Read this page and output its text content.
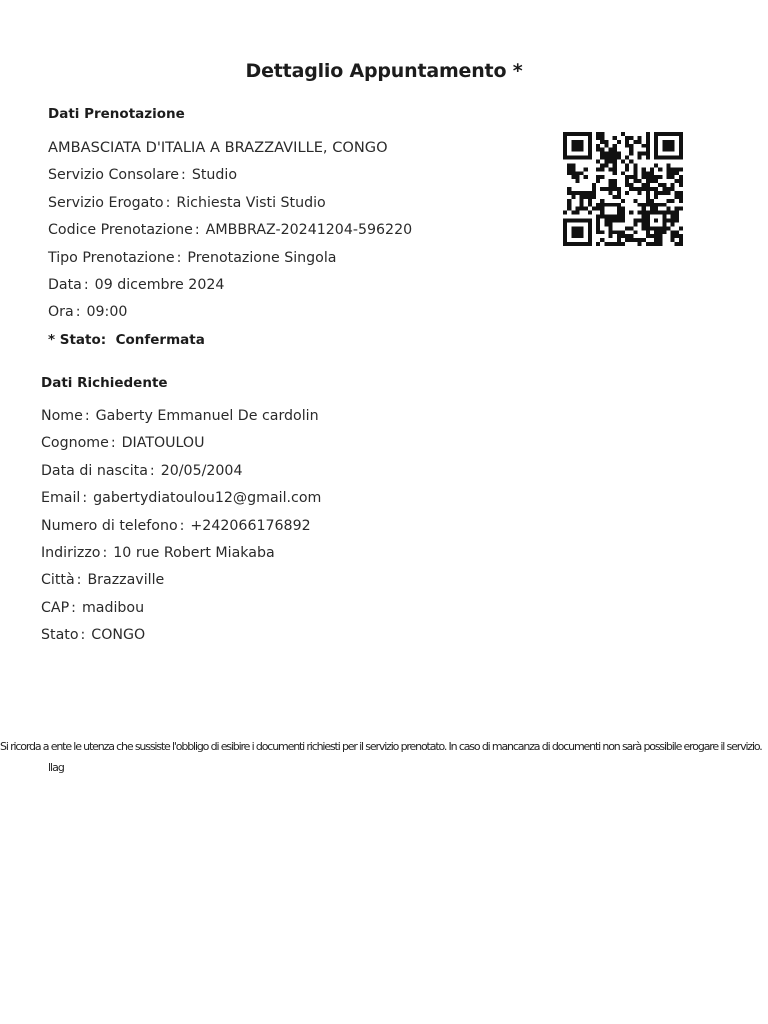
Dettaglio Appuntamento *
Dati Prenotazione
AMBASCIATA D'ITALIA A BRAZZAVILLE, CONGO
Servizio Consolare : Studio
Servizio Erogato : Richiesta Visti Studio
Codice Prenotazione : AMBBRAZ-20241204-596220
Tipo Prenotazione : Prenotazione Singola
Data : 09 dicembre 2024
Ora : 09:00
* Stato: Confermata
Dati Richiedente
Nome : Gaberty Emmanuel De cardolin
Cognome : DIATOULOU
Data di nascita : 20/05/2004
Email : gabertydiatoulou12@gmail.com
Numero di telefono : +242066176892
Indirizzo : 10 rue Robert Miakaba
Città : Brazzaville
CAP : madibou
Stato : CONGO
Si ricorda a ente le utenza che sussiste l'obbligo di esibire i documenti richiesti per il servizio prenotato. In caso di mancanza di documenti non sarà possibile erogare il servizio.
llag
